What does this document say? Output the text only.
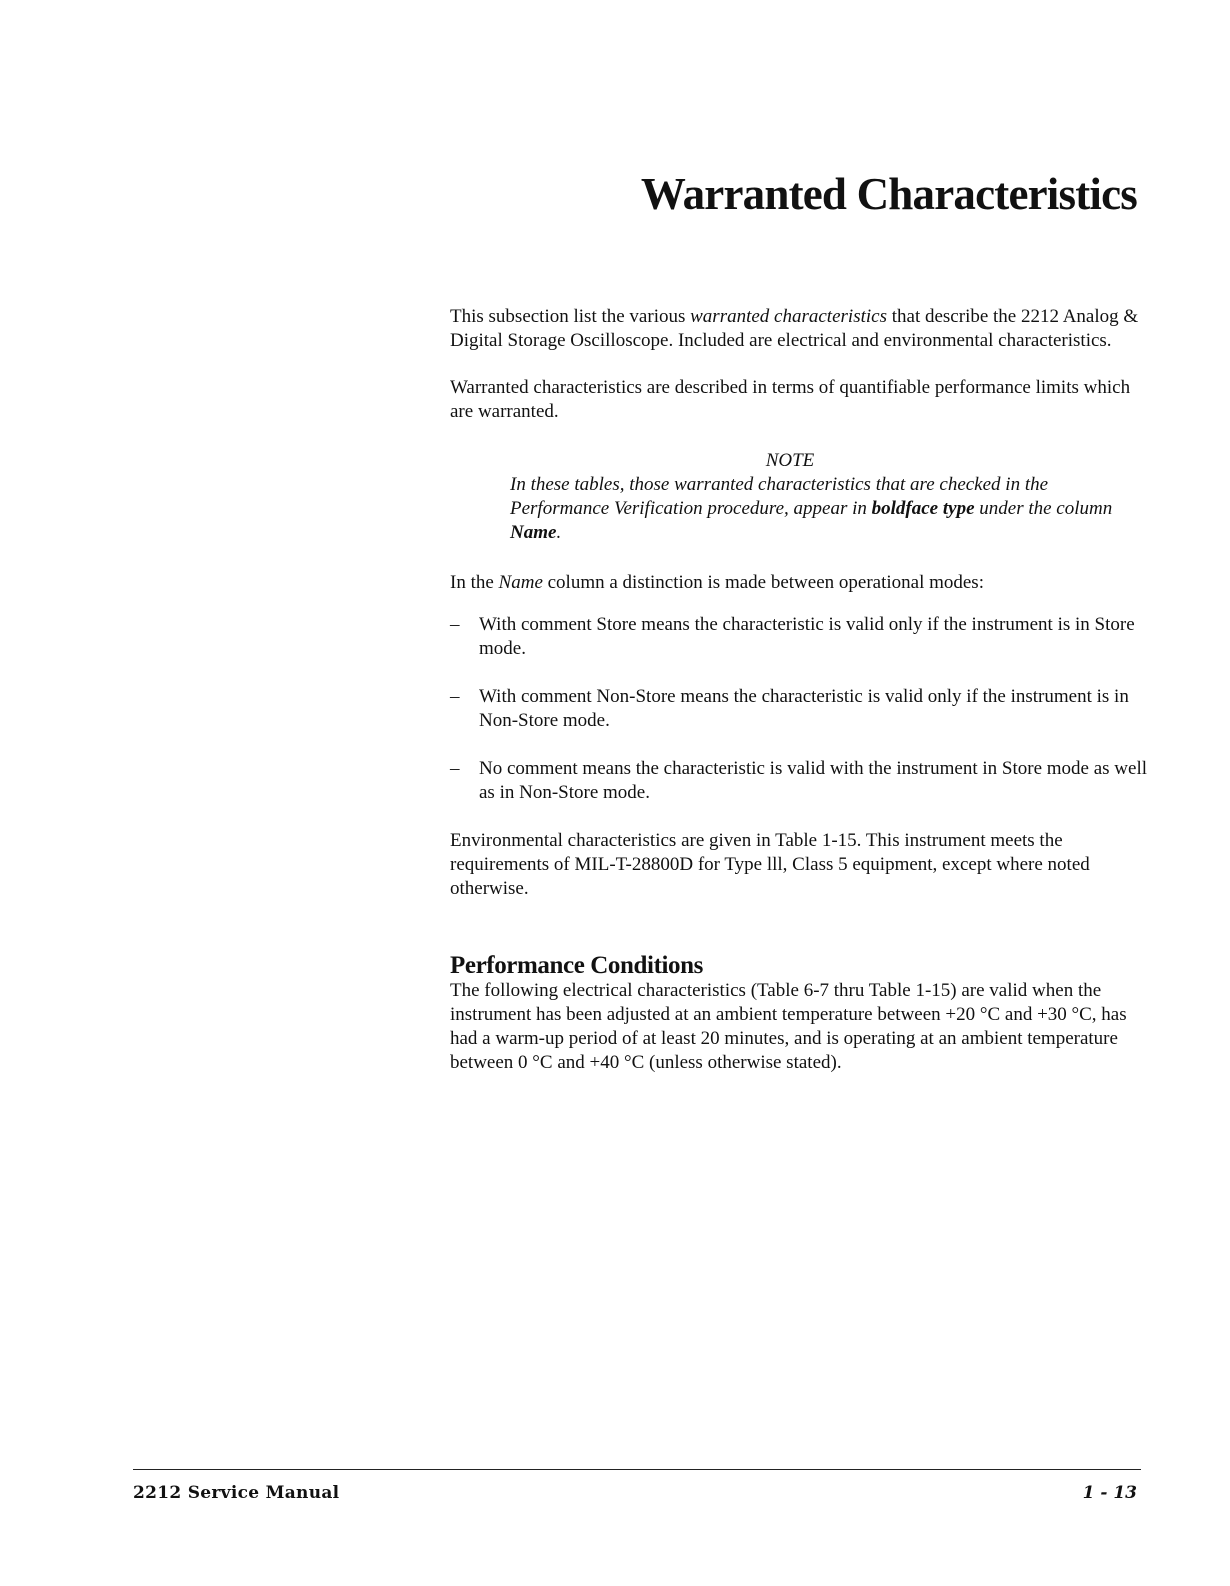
Warranted Characteristics

This subsection list the various warranted characteristics that describe the 2212 Analog & Digital Storage Oscilloscope. Included are electrical and environmental characteristics.

Warranted characteristics are described in terms of quantifiable performance limits which are warranted.

NOTE
In these tables, those warranted characteristics that are checked in the Performance Verification procedure, appear in boldface type under the column Name.

In the Name column a distinction is made between operational modes:

– With comment Store means the characteristic is valid only if the instrument is in Store mode.
– With comment Non-Store means the characteristic is valid only if the instrument is in Non-Store mode.
– No comment means the characteristic is valid with the instrument in Store mode as well as in Non-Store mode.

Environmental characteristics are given in Table 1-15. This instrument meets the requirements of MIL-T-28800D for Type lll, Class 5 equipment, except where noted otherwise.

Performance Conditions

The following electrical characteristics (Table 6-7 thru Table 1-15) are valid when the instrument has been adjusted at an ambient temperature between +20 °C and +30 °C, has had a warm-up period of at least 20 minutes, and is operating at an ambient temperature between 0 °C and +40 °C (unless otherwise stated).

2212 Service Manual	1 - 13
